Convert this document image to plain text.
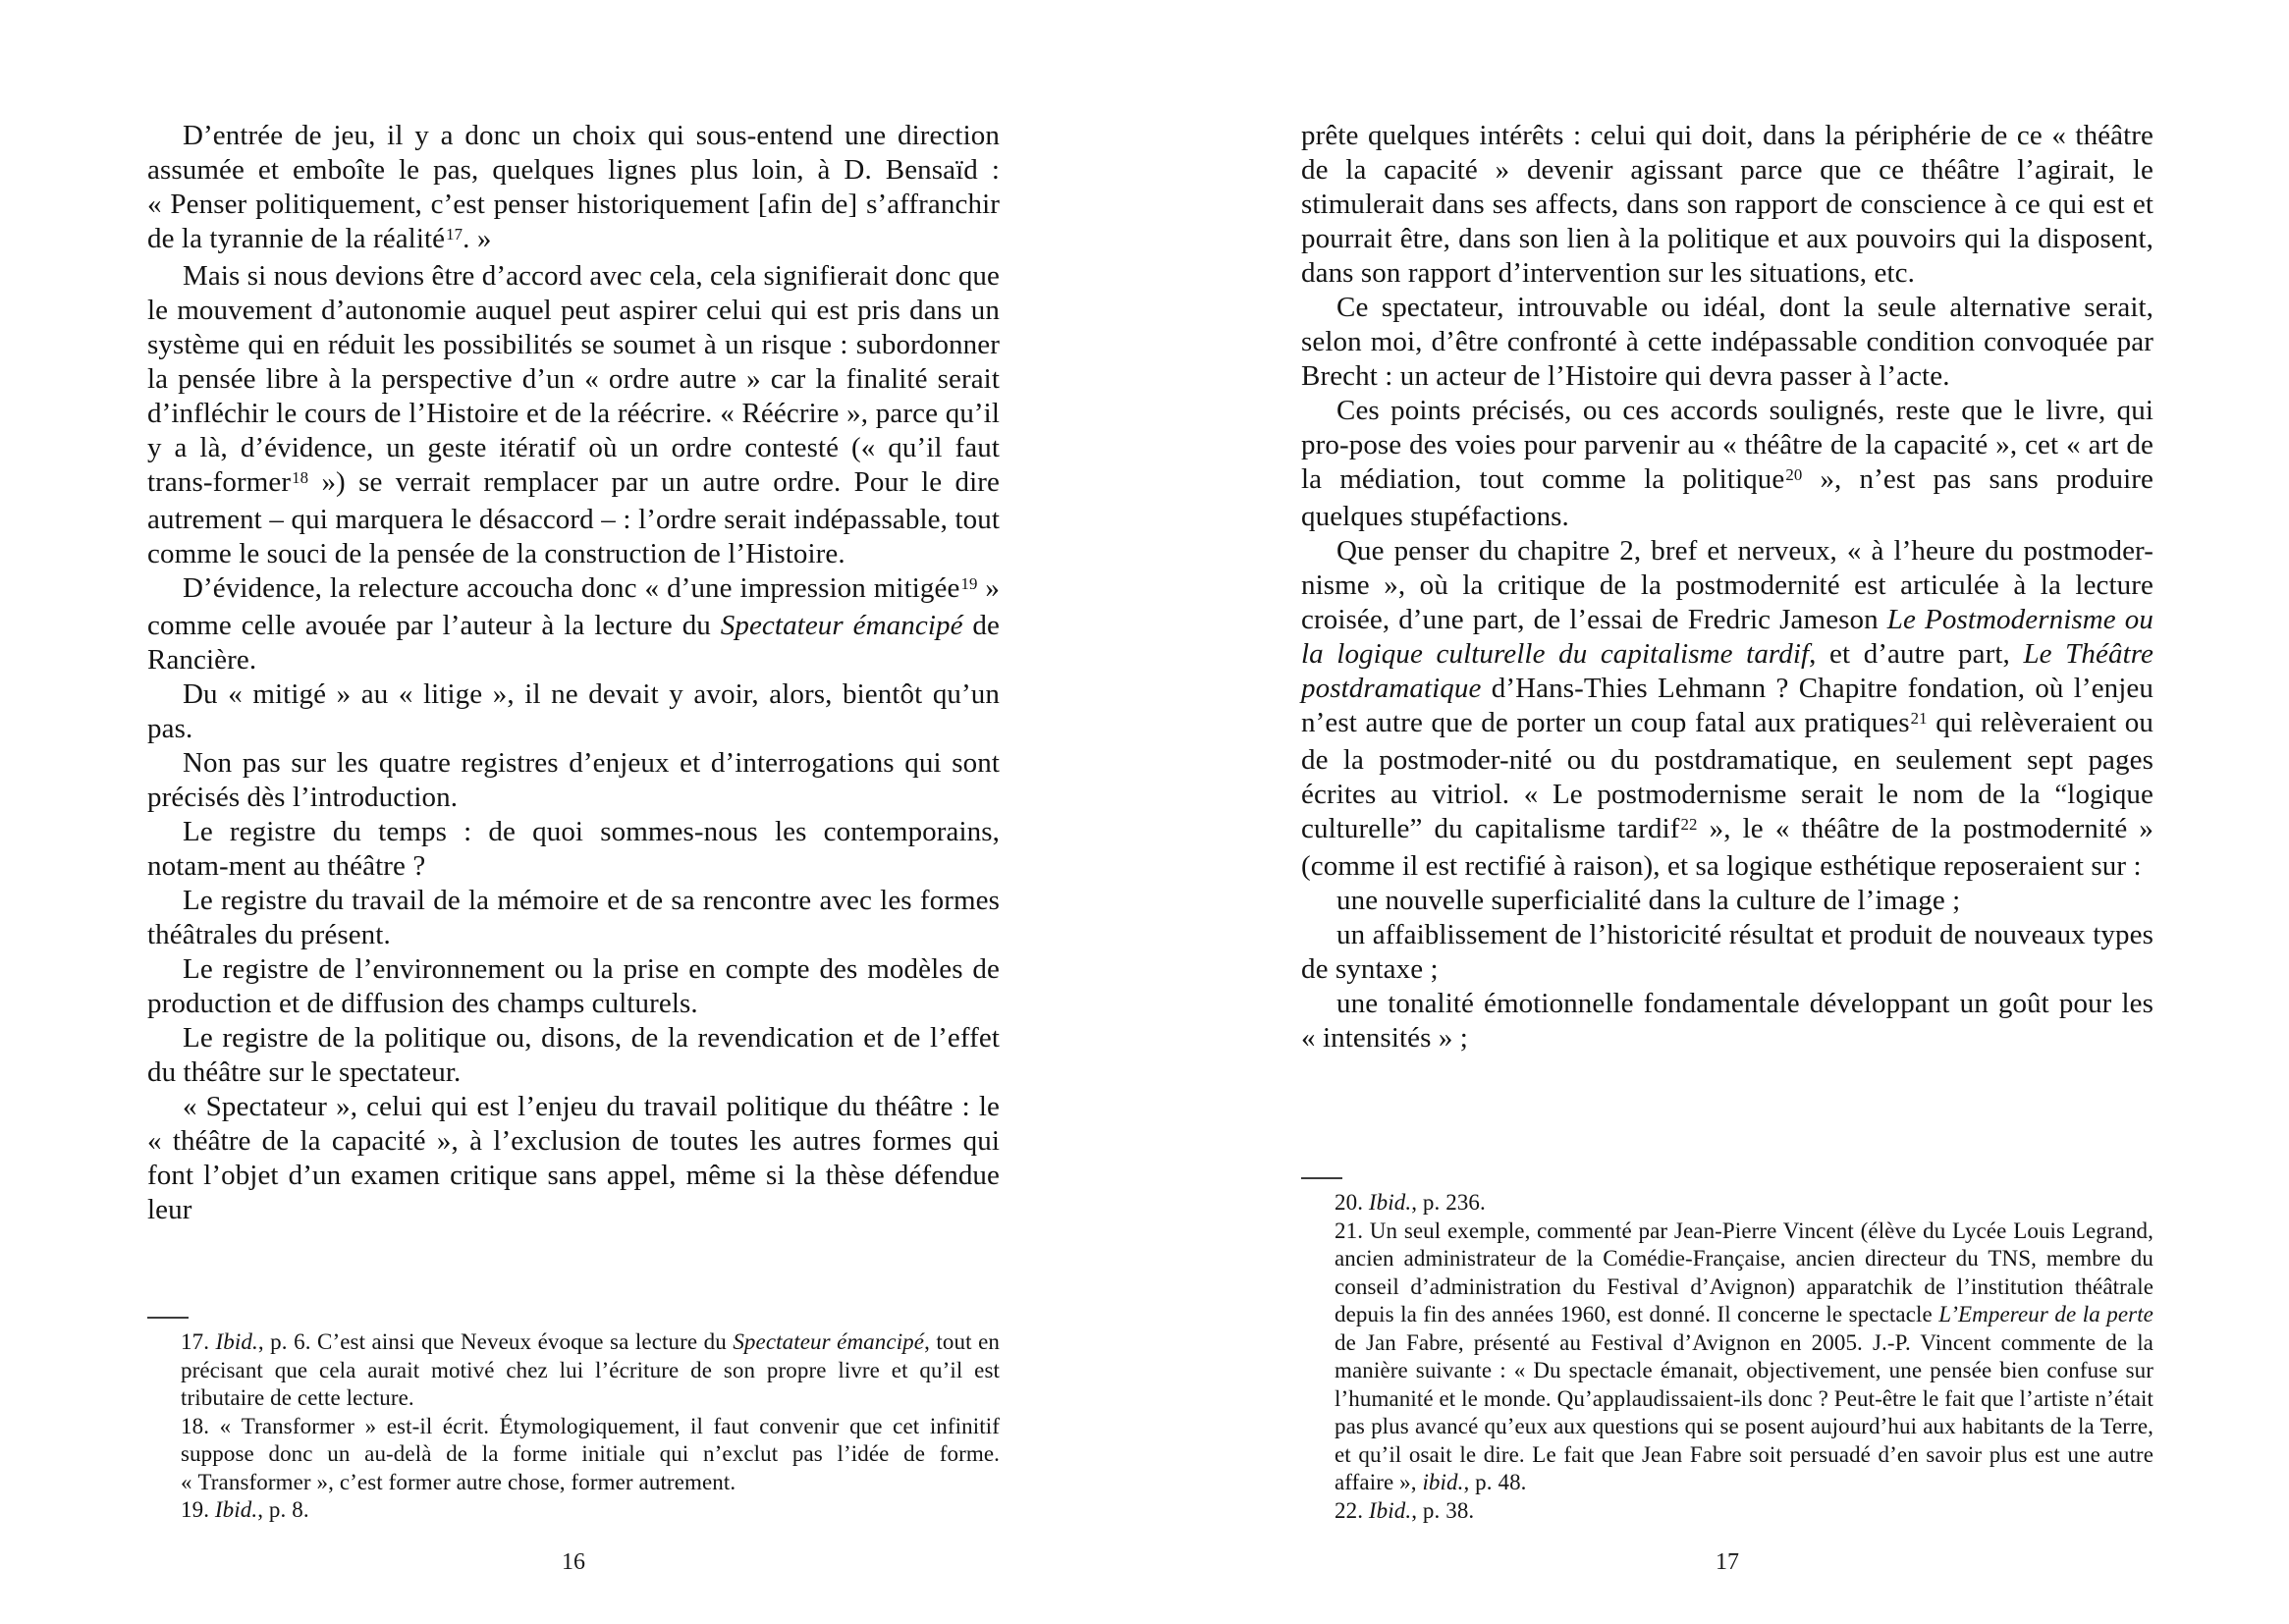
D’entrée de jeu, il y a donc un choix qui sous-entend une direction assumée et emboîte le pas, quelques lignes plus loin, à D. Bensaïd : « Penser politiquement, c’est penser historiquement [afin de] s’affranchir de la tyrannie de la réalité$^{17}$. »

Mais si nous devions être d’accord avec cela, cela signifierait donc que le mouvement d’autonomie auquel peut aspirer celui qui est pris dans un système qui en réduit les possibilités se soumet à un risque : subordonner la pensée libre à la perspective d’un « ordre autre » car la finalité serait d’infléchir le cours de l’Histoire et de la réécrire. « Réécrire », parce qu’il y a là, d’évidence, un geste itératif où un ordre contesté (« qu’il faut trans-former$^{18}$ ») se verrait remplacer par un autre ordre. Pour le dire autrement – qui marquera le désaccord – : l’ordre serait indépassable, tout comme le souci de la pensée de la construction de l’Histoire.

D’évidence, la relecture accoucha donc « d’une impression mitigée$^{19}$ » comme celle avouée par l’auteur à la lecture du Spectateur émancipé de Rancière.

Du « mitigé » au « litige », il ne devait y avoir, alors, bientôt qu’un pas.

Non pas sur les quatre registres d’enjeux et d’interrogations qui sont précisés dès l’introduction.

Le registre du temps : de quoi sommes-nous les contemporains, notam-ment au théâtre ?

Le registre du travail de la mémoire et de sa rencontre avec les formes théâtrales du présent.

Le registre de l’environnement ou la prise en compte des modèles de production et de diffusion des champs culturels.

Le registre de la politique ou, disons, de la revendication et de l’effet du théâtre sur le spectateur.

« Spectateur », celui qui est l’enjeu du travail politique du théâtre : le « théâtre de la capacité », à l’exclusion de toutes les autres formes qui font l’objet d’un examen critique sans appel, même si la thèse défendue leur

17. Ibid., p. 6. C’est ainsi que Neveux évoque sa lecture du Spectateur émancipé, tout en précisant que cela aurait motivé chez lui l’écriture de son propre livre et qu’il est tributaire de cette lecture.

18. « Transformer » est-il écrit. Étymologiquement, il faut convenir que cet infinitif suppose donc un au-delà de la forme initiale qui n’exclut pas l’idée de forme. « Transformer », c’est former autre chose, former autrement.

19. Ibid., p. 8.

16

prête quelques intérêts : celui qui doit, dans la périphérie de ce « théâtre de la capacité » devenir agissant parce que ce théâtre l’agirait, le stimulerait dans ses affects, dans son rapport de conscience à ce qui est et pourrait être, dans son lien à la politique et aux pouvoirs qui la disposent, dans son rapport d’intervention sur les situations, etc.

Ce spectateur, introuvable ou idéal, dont la seule alternative serait, selon moi, d’être confronté à cette indépassable condition convoquée par Brecht : un acteur de l’Histoire qui devra passer à l’acte.

Ces points précisés, ou ces accords soulignés, reste que le livre, qui pro-pose des voies pour parvenir au « théâtre de la capacité », cet « art de la médiation, tout comme la politique$^{20}$ », n’est pas sans produire quelques stupéfactions.

Que penser du chapitre 2, bref et nerveux, « à l’heure du postmoder-nisme », où la critique de la postmodernité est articulée à la lecture croisée, d’une part, de l’essai de Fredric Jameson Le Postmodernisme ou la logique culturelle du capitalisme tardif, et d’autre part, Le Théâtre postdramatique d’Hans-Thies Lehmann ? Chapitre fondation, où l’enjeu n’est autre que de porter un coup fatal aux pratiques$^{21}$ qui relèveraient ou de la postmoder-nité ou du postdramatique, en seulement sept pages écrites au vitriol. « Le postmodernisme serait le nom de la “logique culturelle” du capitalisme tardif$^{22}$ », le « théâtre de la postmodernité » (comme il est rectifié à raison), et sa logique esthétique reposeraient sur :

une nouvelle superficialité dans la culture de l’image ;

un affaiblissement de l’historicité résultat et produit de nouveaux types de syntaxe ;

une tonalité émotionnelle fondamentale développant un goût pour les « intensités » ;

20. Ibid., p. 236.

21. Un seul exemple, commenté par Jean-Pierre Vincent (élève du Lycée Louis Legrand, ancien administrateur de la Comédie-Française, ancien directeur du TNS, membre du conseil d’administration du Festival d’Avignon) apparatchik de l’institution théâtrale depuis la fin des années 1960, est donné. Il concerne le spectacle L’Empereur de la perte de Jan Fabre, présenté au Festival d’Avignon en 2005. J.-P. Vincent commente de la manière suivante : « Du spectacle émanait, objectivement, une pensée bien confuse sur l’humanité et le monde. Qu’applaudissaient-ils donc ? Peut-être le fait que l’artiste n’était pas plus avancé qu’eux aux questions qui se posent aujourd’hui aux habitants de la Terre, et qu’il osait le dire. Le fait que Jean Fabre soit persuadé d’en savoir plus est une autre affaire », ibid., p. 48.

22. Ibid., p. 38.

17
